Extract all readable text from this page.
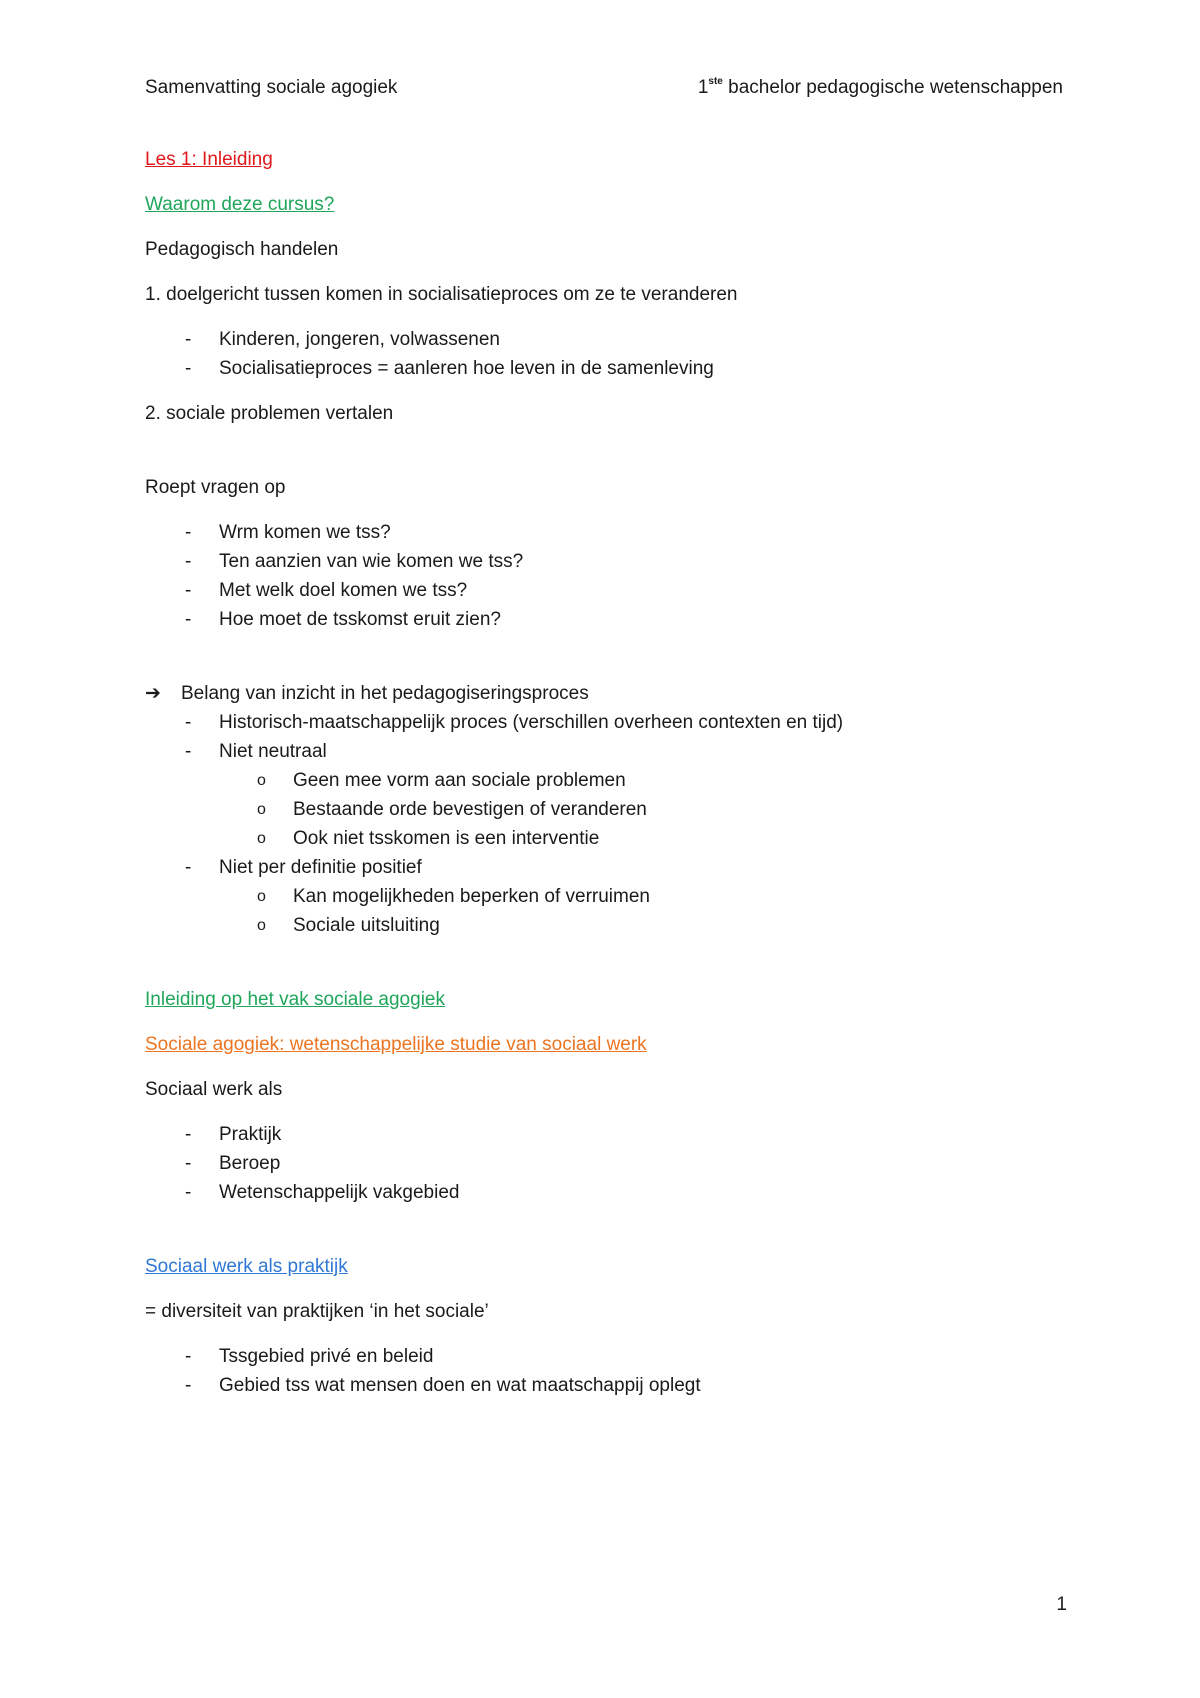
Samenvatting sociale agogiek	1ste bachelor pedagogische wetenschappen

Les 1: Inleiding

Waarom deze cursus?

Pedagogisch handelen

1. doelgericht tussen komen in socialisatieproces om ze te veranderen

- Kinderen, jongeren, volwassenen
- Socialisatieproces = aanleren hoe leven in de samenleving

2. sociale problemen vertalen

Roept vragen op

- Wrm komen we tss?
- Ten aanzien van wie komen we tss?
- Met welk doel komen we tss?
- Hoe moet de tsskomst eruit zien?

➔ Belang van inzicht in het pedagogiseringsproces

- Historisch-maatschappelijk proces (verschillen overheen contexten en tijd)
- Niet neutraal
o Geen mee vorm aan sociale problemen
o Bestaande orde bevestigen of veranderen
o Ook niet tsskomen is een interventie
- Niet per definitie positief
o Kan mogelijkheden beperken of verruimen
o Sociale uitsluiting

Inleiding op het vak sociale agogiek

Sociale agogiek: wetenschappelijke studie van sociaal werk

Sociaal werk als

- Praktijk
- Beroep
- Wetenschappelijk vakgebied

Sociaal werk als praktijk

= diversiteit van praktijken ‘in het sociale’

- Tssgebied privé en beleid
- Gebied tss wat mensen doen en wat maatschappij oplegt
1
